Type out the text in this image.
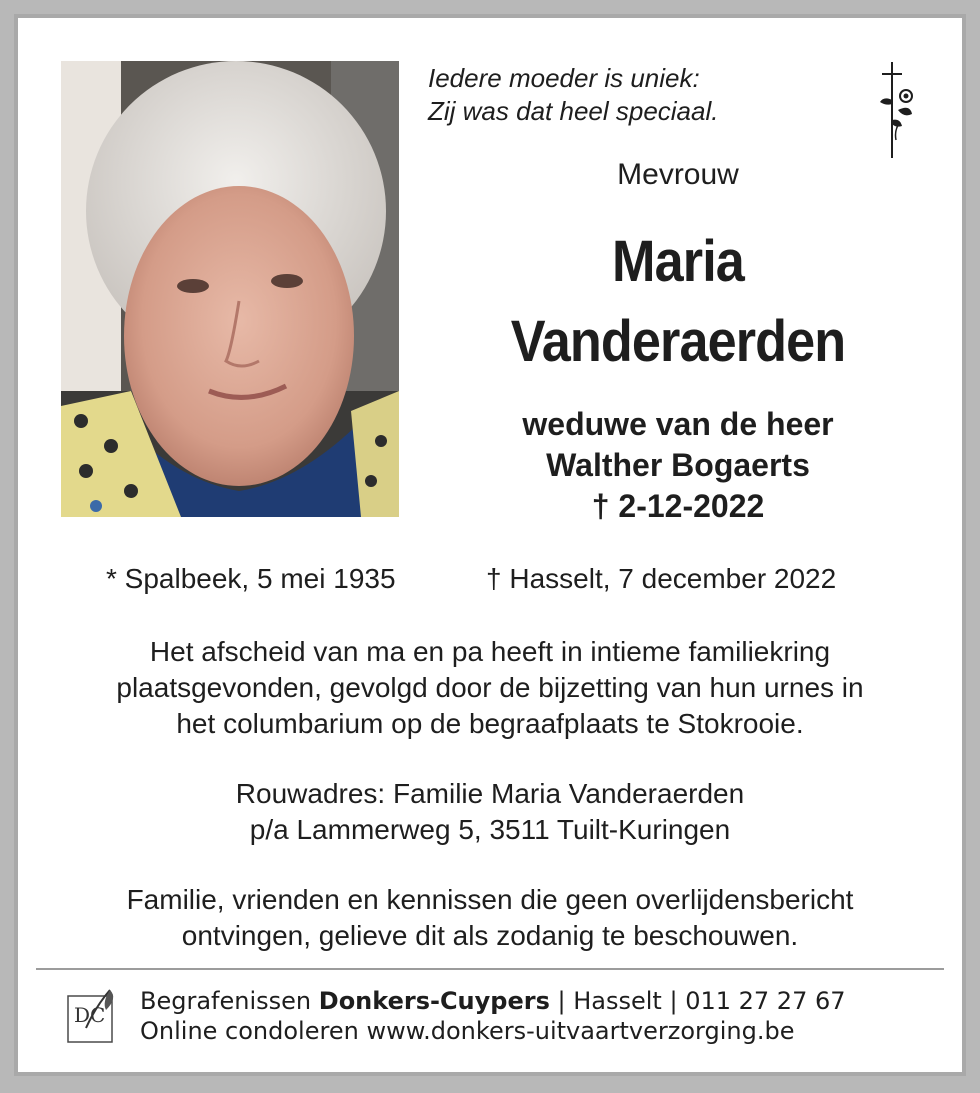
Iedere moeder is uniek:
Zij was dat heel speciaal.
Mevrouw
Maria
Vanderaerden
weduwe van de heer
Walther Bogaerts
† 2-12-2022
* Spalbeek, 5 mei 1935	† Hasselt, 7 december 2022
Het afscheid van ma en pa heeft in intieme familiekring
plaatsgevonden, gevolgd door de bijzetting van hun urnes in
het columbarium op de begraafplaats te Stokrooie.
Rouwadres: Familie Maria Vanderaerden
p/a Lammerweg 5, 3511 Tuilt-Kuringen
Familie, vrienden en kennissen die geen overlijdensbericht
ontvingen, gelieve dit als zodanig te beschouwen.
DC Begrafenissen Donkers-Cuypers | Hasselt | 011 27 27 67
Online condoleren www.donkers-uitvaartverzorging.be
